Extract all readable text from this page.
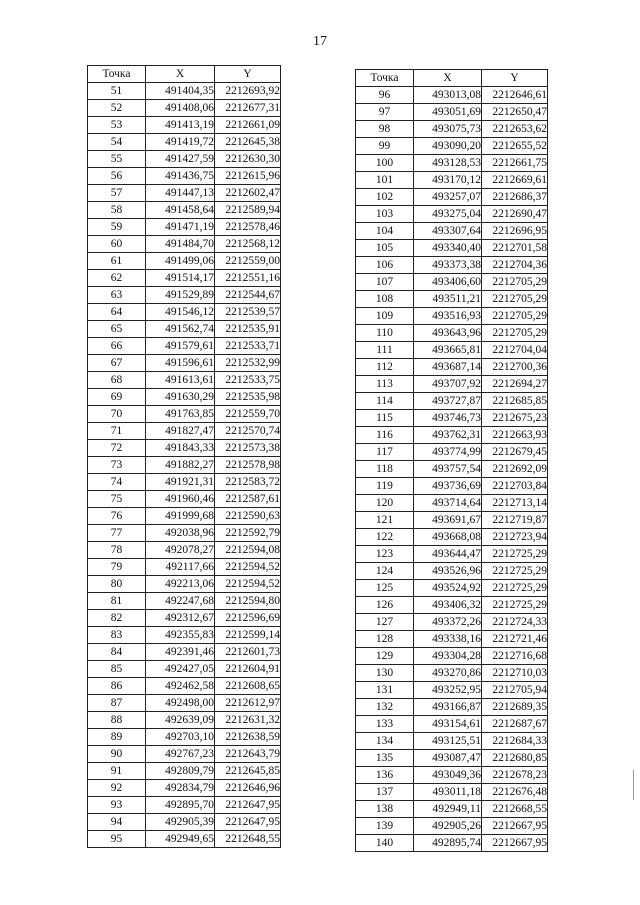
17
Точка	X	Y
51	491404,35	2212693,92
52	491408,06	2212677,31
53	491413,19	2212661,09
54	491419,72	2212645,38
55	491427,59	2212630,30
56	491436,75	2212615,96
57	491447,13	2212602,47
58	491458,64	2212589,94
59	491471,19	2212578,46
60	491484,70	2212568,12
61	491499,06	2212559,00
62	491514,17	2212551,16
63	491529,89	2212544,67
64	491546,12	2212539,57
65	491562,74	2212535,91
66	491579,61	2212533,71
67	491596,61	2212532,99
68	491613,61	2212533,75
69	491630,29	2212535,98
70	491763,85	2212559,70
71	491827,47	2212570,74
72	491843,33	2212573,38
73	491882,27	2212578,98
74	491921,31	2212583,72
75	491960,46	2212587,61
76	491999,68	2212590,63
77	492038,96	2212592,79
78	492078,27	2212594,08
79	492117,66	2212594,52
80	492213,06	2212594,52
81	492247,68	2212594,80
82	492312,67	2212596,69
83	492355,83	2212599,14
84	492391,46	2212601,73
85	492427,05	2212604,91
86	492462,58	2212608,65
87	492498,00	2212612,97
88	492639,09	2212631,32
89	492703,10	2212638,59
90	492767,23	2212643,79
91	492809,79	2212645,85
92	492834,79	2212646,96
93	492895,70	2212647,95
94	492905,39	2212647,95
95	492949,65	2212648,55
Точка	X	Y
96	493013,08	2212646,61
97	493051,69	2212650,47
98	493075,73	2212653,62
99	493090,20	2212655,52
100	493128,53	2212661,75
101	493170,12	2212669,61
102	493257,07	2212686,37
103	493275,04	2212690,47
104	493307,64	2212696,95
105	493340,40	2212701,58
106	493373,38	2212704,36
107	493406,60	2212705,29
108	493511,21	2212705,29
109	493516,93	2212705,29
110	493643,96	2212705,29
111	493665,81	2212704,04
112	493687,14	2212700,36
113	493707,92	2212694,27
114	493727,87	2212685,85
115	493746,73	2212675,23
116	493762,31	2212663,93
117	493774,99	2212679,45
118	493757,54	2212692,09
119	493736,69	2212703,84
120	493714,64	2212713,14
121	493691,67	2212719,87
122	493668,08	2212723,94
123	493644,47	2212725,29
124	493526,96	2212725,29
125	493524,92	2212725,29
126	493406,32	2212725,29
127	493372,26	2212724,33
128	493338,16	2212721,46
129	493304,28	2212716,68
130	493270,86	2212710,03
131	493252,95	2212705,94
132	493166,87	2212689,35
133	493154,61	2212687,67
134	493125,51	2212684,33
135	493087,47	2212680,85
136	493049,36	2212678,23
137	493011,18	2212676,48
138	492949,11	2212668,55
139	492905,26	2212667,95
140	492895,74	2212667,95
